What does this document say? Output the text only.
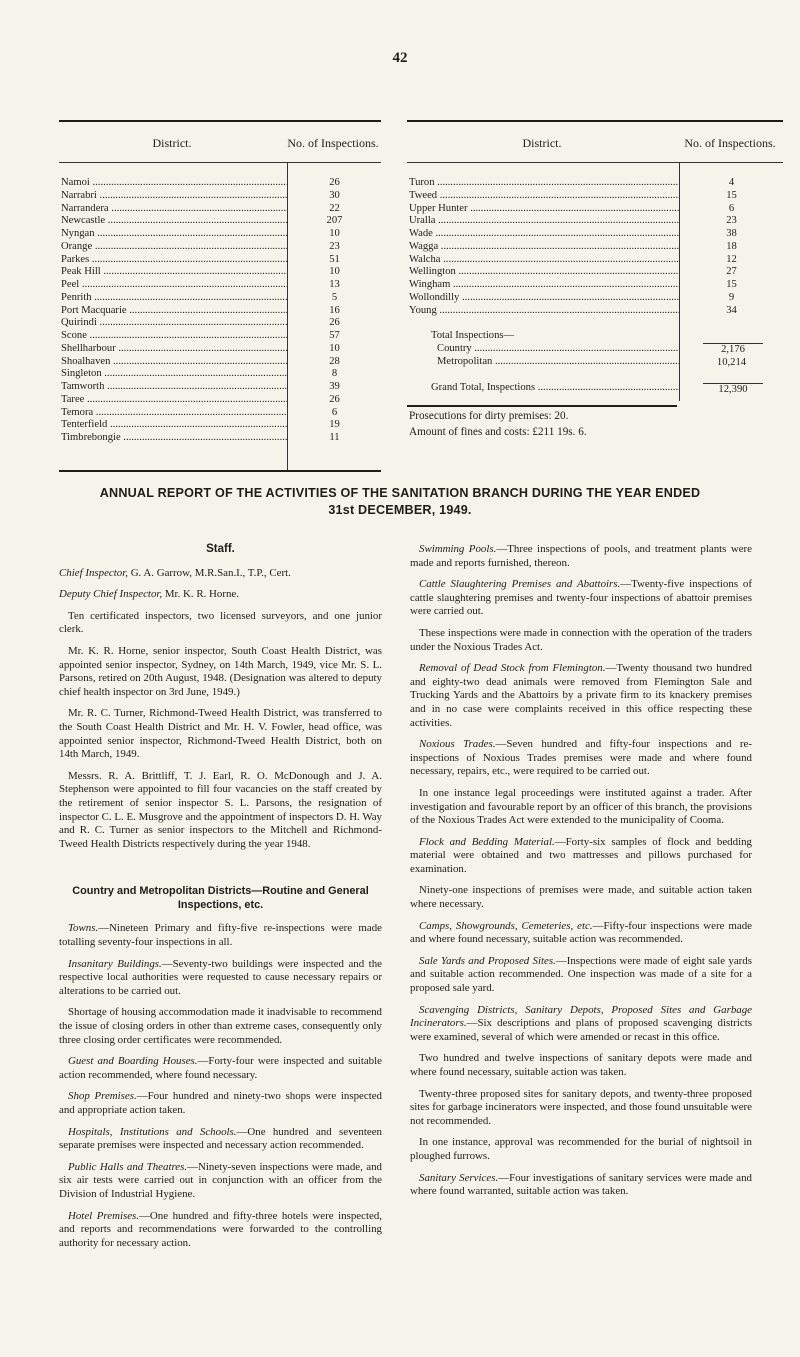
42
District.	No. of Inspections.
Namoi .....
Narrabri .....
Narrandera .....
Newcastle .....
Nyngan .....
Orange .....
Parkes .....
Peak Hill .....
Peel .....
Penrith .....
Port Macquarie .....
Quirindi .....
Scone .....
Shellharbour .....
Shoalhaven .....
Singleton .....
Tamworth .....
Taree .....
Temora .....
Tenterfield .....
Timbrebongie .....
26
30
22
207
10
23
51
10
13
5
16
26
57
10
28
8
39
26
6
19
11
District.	No. of Inspections.
Turon .....
Tweed .....
Upper Hunter .....
Uralla .....
Wade .....
Wagga .....
Walcha .....
Wellington .....
Wingham .....
Wollondilly .....
Young .....
Total Inspections—
Country .....
Metropolitan .....
Grand Total, Inspections .....
4
15
6
23
38
18
12
27
15
9
34
2,176
10,214
12,390
Prosecutions for dirty premises: 20.
Amount of fines and costs: £211 19s. 6.
ANNUAL REPORT OF THE ACTIVITIES OF THE SANITATION BRANCH DURING THE YEAR ENDED
31st DECEMBER, 1949.

Staff.

Chief Inspector, G. A. Garrow, M.R.San.I., T.P., Cert.

Deputy Chief Inspector, Mr. K. R. Horne.

Ten certificated inspectors, two licensed surveyors, and one junior clerk.

Mr. K. R. Horne, senior inspector, South Coast Health District, was appointed senior inspector, Sydney, on 14th March, 1949, vice Mr. S. L. Parsons, retired on 20th August, 1948. (Designation was altered to deputy chief health inspector on 3rd June, 1949.)

Mr. R. C. Turner, Richmond-Tweed Health District, was transferred to the South Coast Health District and Mr. H. V. Fowler, head office, was appointed senior inspector, Richmond-Tweed Health District, both on 14th March, 1949.

Messrs. R. A. Brittliff, T. J. Earl, R. O. McDonough and J. A. Stephenson were appointed to fill four vacancies on the staff created by the retirement of senior inspector S. L. Parsons, the resignation of inspector C. L. E. Musgrove and the appointment of inspectors D. H. Way and R. C. Turner as senior inspectors to the Mitchell and Richmond-Tweed Health Districts respectively during the year 1948.

Country and Metropolitan Districts—Routine and General Inspections, etc.

Towns.—Nineteen Primary and fifty-five re-inspections were made totalling seventy-four inspections in all.

Insanitary Buildings.—Seventy-two buildings were inspected and the respective local authorities were requested to cause necessary repairs or alterations to be carried out.

Shortage of housing accommodation made it inadvisable to recommend the issue of closing orders in other than extreme cases, consequently only three closing order certificates were recommended.

Guest and Boarding Houses.—Forty-four were inspected and suitable action recommended, where found necessary.

Shop Premises.—Four hundred and ninety-two shops were inspected and appropriate action taken.

Hospitals, Institutions and Schools.—One hundred and seventeen separate premises were inspected and necessary action recommended.

Public Halls and Theatres.—Ninety-seven inspections were made, and six air tests were carried out in conjunction with an officer from the Division of Industrial Hygiene.

Hotel Premises.—One hundred and fifty-three hotels were inspected, and reports and recommendations were forwarded to the controlling authority for necessary action.

Swimming Pools.—Three inspections of pools, and treatment plants were made and reports furnished, thereon.

Cattle Slaughtering Premises and Abattoirs.—Twenty-five inspections of cattle slaughtering premises and twenty-four inspections of abattoir premises were carried out.

These inspections were made in connection with the operation of the traders under the Noxious Trades Act.

Removal of Dead Stock from Flemington.—Twenty thousand two hundred and eighty-two dead animals were removed from Flemington Sale and Trucking Yards and the Abattoirs by a private firm to its knackery premises and in no case were complaints received in this office respecting these activities.

Noxious Trades.—Seven hundred and fifty-four inspections and re-inspections of Noxious Trades premises were made and where found necessary, repairs, etc., were required to be carried out.

In one instance legal proceedings were instituted against a trader. After investigation and favourable report by an officer of this branch, the provisions of the Noxious Trades Act were extended to the municipality of Cooma.

Flock and Bedding Material.—Forty-six samples of flock and bedding material were obtained and two mattresses and pillows purchased for examination.

Ninety-one inspections of premises were made, and suitable action taken where necessary.

Camps, Showgrounds, Cemeteries, etc.—Fifty-four inspections were made and where found necessary, suitable action was recommended.

Sale Yards and Proposed Sites.—Inspections were made of eight sale yards and suitable action recommended. One inspection was made of a site for a proposed sale yard.

Scavenging Districts, Sanitary Depots, Proposed Sites and Garbage Incinerators.—Six descriptions and plans of proposed scavenging districts were examined, several of which were amended or recast in this office.

Two hundred and twelve inspections of sanitary depots were made and where found necessary, suitable action was taken.

Twenty-three proposed sites for sanitary depots, and twenty-three proposed sites for garbage incinerators were inspected, and those found unsuitable were not recommended.

In one instance, approval was recommended for the burial of nightsoil in ploughed furrows.

Sanitary Services.—Four investigations of sanitary services were made and where found warranted, suitable action was taken.
